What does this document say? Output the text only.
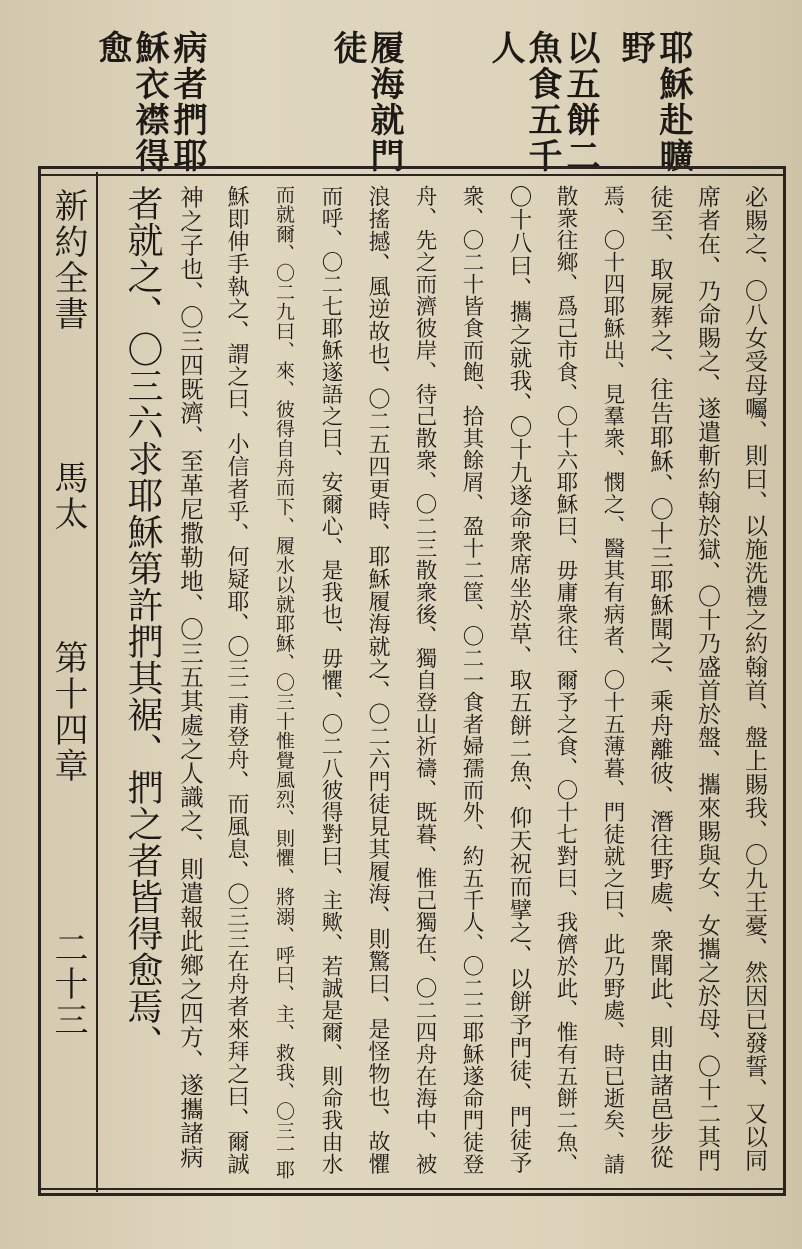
耶穌赴曠
野
以五餅二
魚食五千
人
履海就門
徒
病者捫耶
穌衣襟得
愈
新約全書
馬太
第十四章
二十三	必賜之、〇八女受母囑、則曰、以施洗禮之約翰首、盤上賜我、〇九王憂、然因已發誓、又以同
席者在、乃命賜之、遂遣斬約翰於獄、〇十乃盛首於盤、攜來賜與女、女攜之於母、〇十二其門
徒至、取屍葬之、往告耶穌、〇十三耶穌聞之、乘舟離彼、潛往野處、衆聞此、則由諸邑步從
焉、〇十四耶穌出、見羣衆、憫之、醫其有病者、〇十五薄暮、門徒就之曰、此乃野處、時已逝矣、請
散衆往鄉、爲己市食、〇十六耶穌曰、毋庸衆往、爾予之食、〇十七對曰、我儕於此、惟有五餅二魚、
〇十八曰、攜之就我、〇十九遂命衆席坐於草、取五餅二魚、仰天祝而擘之、以餅予門徒、門徒予
衆、〇二十皆食而飽、拾其餘屑、盈十二筐、〇二一食者婦孺而外、約五千人、〇二二耶穌遂命門徒登
舟、先之而濟彼岸、待己散衆、〇二三散衆後、獨自登山祈禱、既暮、惟己獨在、〇二四舟在海中、被
浪搖撼、風逆故也、〇二五四更時、耶穌履海就之、〇二六門徒見其履海、則驚曰、是怪物也、故懼
而呼、〇二七耶穌遂語之曰、安爾心、是我也、毋懼、〇二八彼得對曰、主歟、若誠是爾、則命我由水
而就爾、〇二九曰、來、彼得自舟而下、履水以就耶穌、〇三十惟覺風烈、則懼、將溺、呼曰、主、救我、〇三一耶
穌即伸手執之、謂之曰、小信者乎、何疑耶、〇三二甫登舟、而風息、〇三三在舟者來拜之曰、爾誠
神之子也、〇三四既濟、至革尼撒勒地、〇三五其處之人識之、則遣報此鄉之四方、遂攜諸病
者就之、〇三六求耶穌第許捫其裾、捫之者皆得愈焉、
